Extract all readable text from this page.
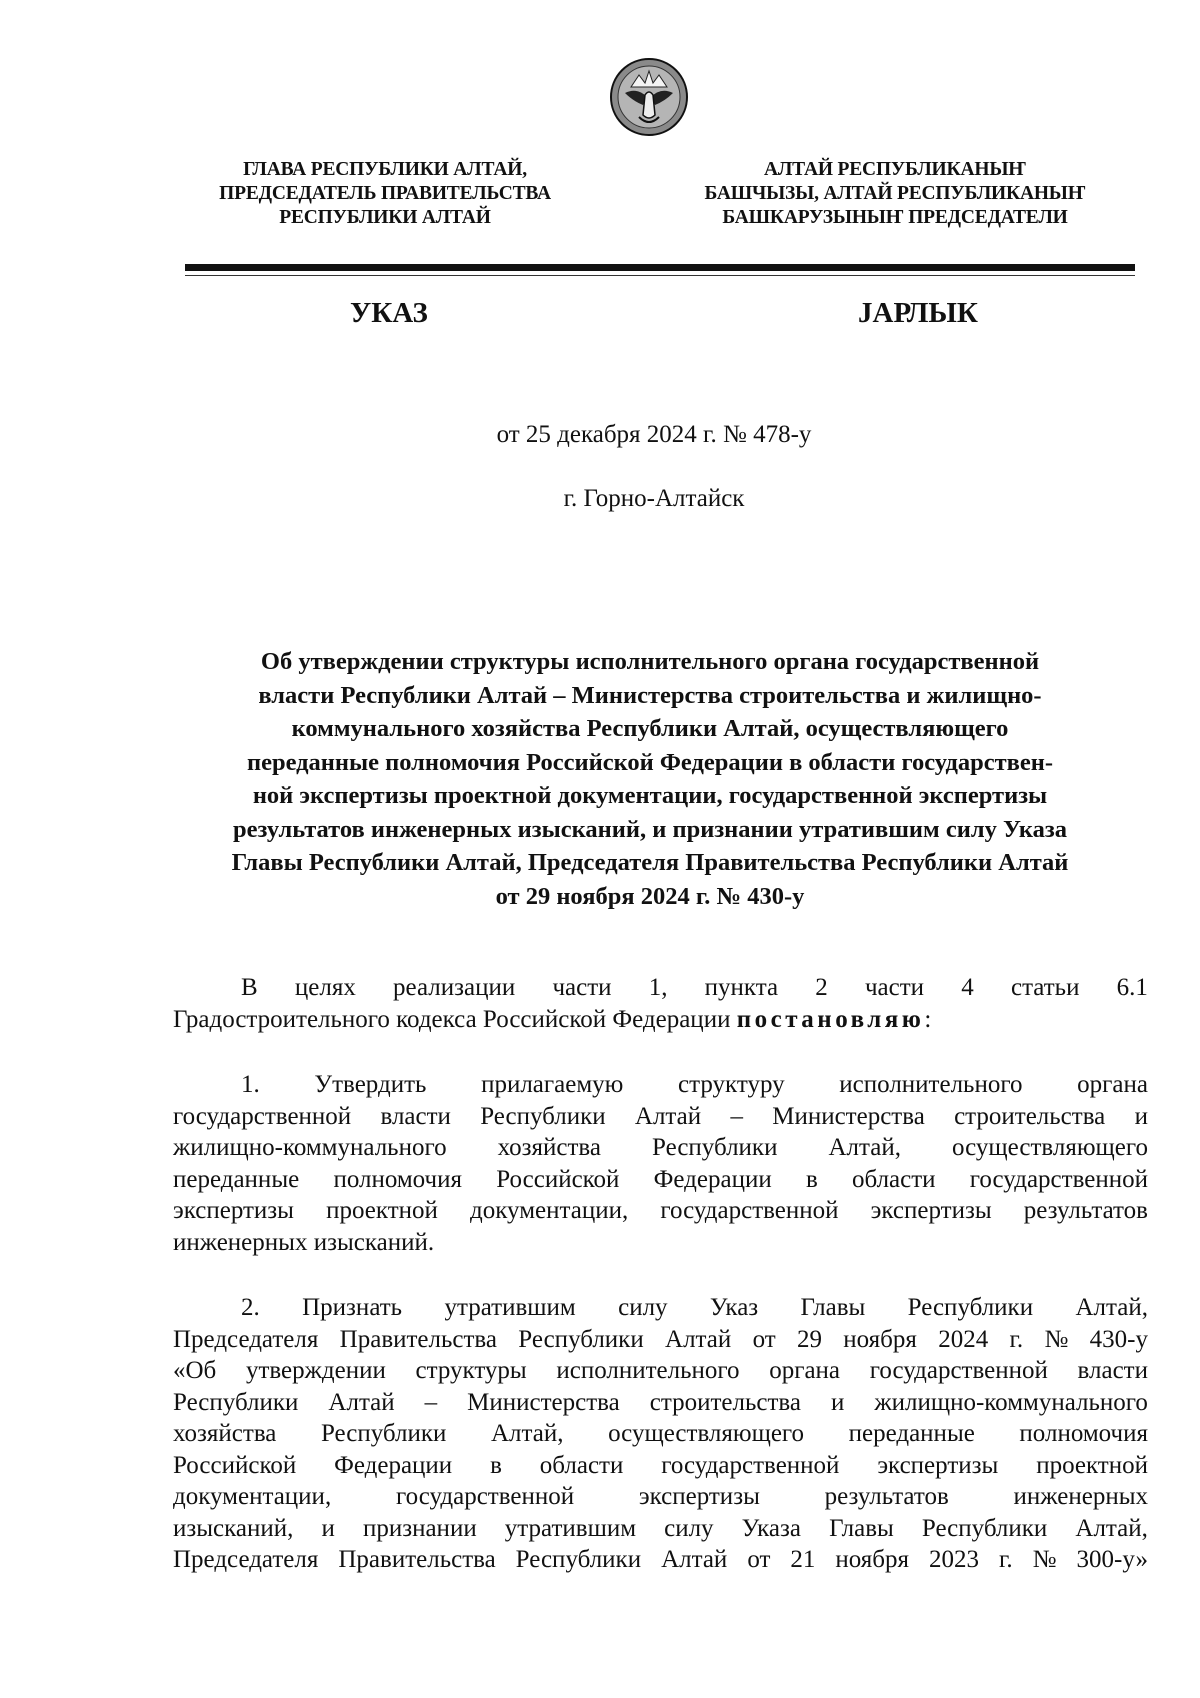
ГЛАВА РЕСПУБЛИКИ АЛТАЙ,
ПРЕДСЕДАТЕЛЬ ПРАВИТЕЛЬСТВА
РЕСПУБЛИКИ АЛТАЙ
АЛТАЙ РЕСПУБЛИКАНЫҤ
БАШЧЫЗЫ, АЛТАЙ РЕСПУБЛИКАНЫҤ
БАШКАРУЗЫНЫҤ ПРЕДСЕДАТЕЛИ
УКАЗ	ЈАРЛЫК
от 25 декабря 2024 г. № 478-у
г. Горно-Алтайск
Об утверждении структуры исполнительного органа государственной
власти Республики Алтай – Министерства строительства и жилищно-
коммунального хозяйства Республики Алтай, осуществляющего
переданные полномочия Российской Федерации в области государствен-
ной экспертизы проектной документации, государственной экспертизы
результатов инженерных изысканий, и признании утратившим силу Указа
Главы Республики Алтай, Председателя Правительства Республики Алтай
от 29 ноября 2024 г. № 430-у
В целях реализации части 1, пункта 2 части 4 статьи 6.1
Градостроительного кодекса Российской Федерации постановляю :
1. Утвердить прилагаемую структуру исполнительного органа
государственной власти Республики Алтай – Министерства строительства и
жилищно-коммунального хозяйства Республики Алтай, осуществляющего
переданные полномочия Российской Федерации в области государственной
экспертизы проектной документации, государственной экспертизы результатов
инженерных изысканий.
2. Признать утратившим силу Указ Главы Республики Алтай,
Председателя Правительства Республики Алтай от 29 ноября 2024 г. № 430-у
«Об утверждении структуры исполнительного органа государственной власти
Республики Алтай – Министерства строительства и жилищно-коммунального
хозяйства Республики Алтай, осуществляющего переданные полномочия
Российской Федерации в области государственной экспертизы проектной
документации,	государственной	экспертизы	результатов	инженерных
изысканий, и признании утратившим силу Указа Главы Республики Алтай,
Председателя Правительства Республики Алтай от 21 ноября 2023 г. № 300-у»
